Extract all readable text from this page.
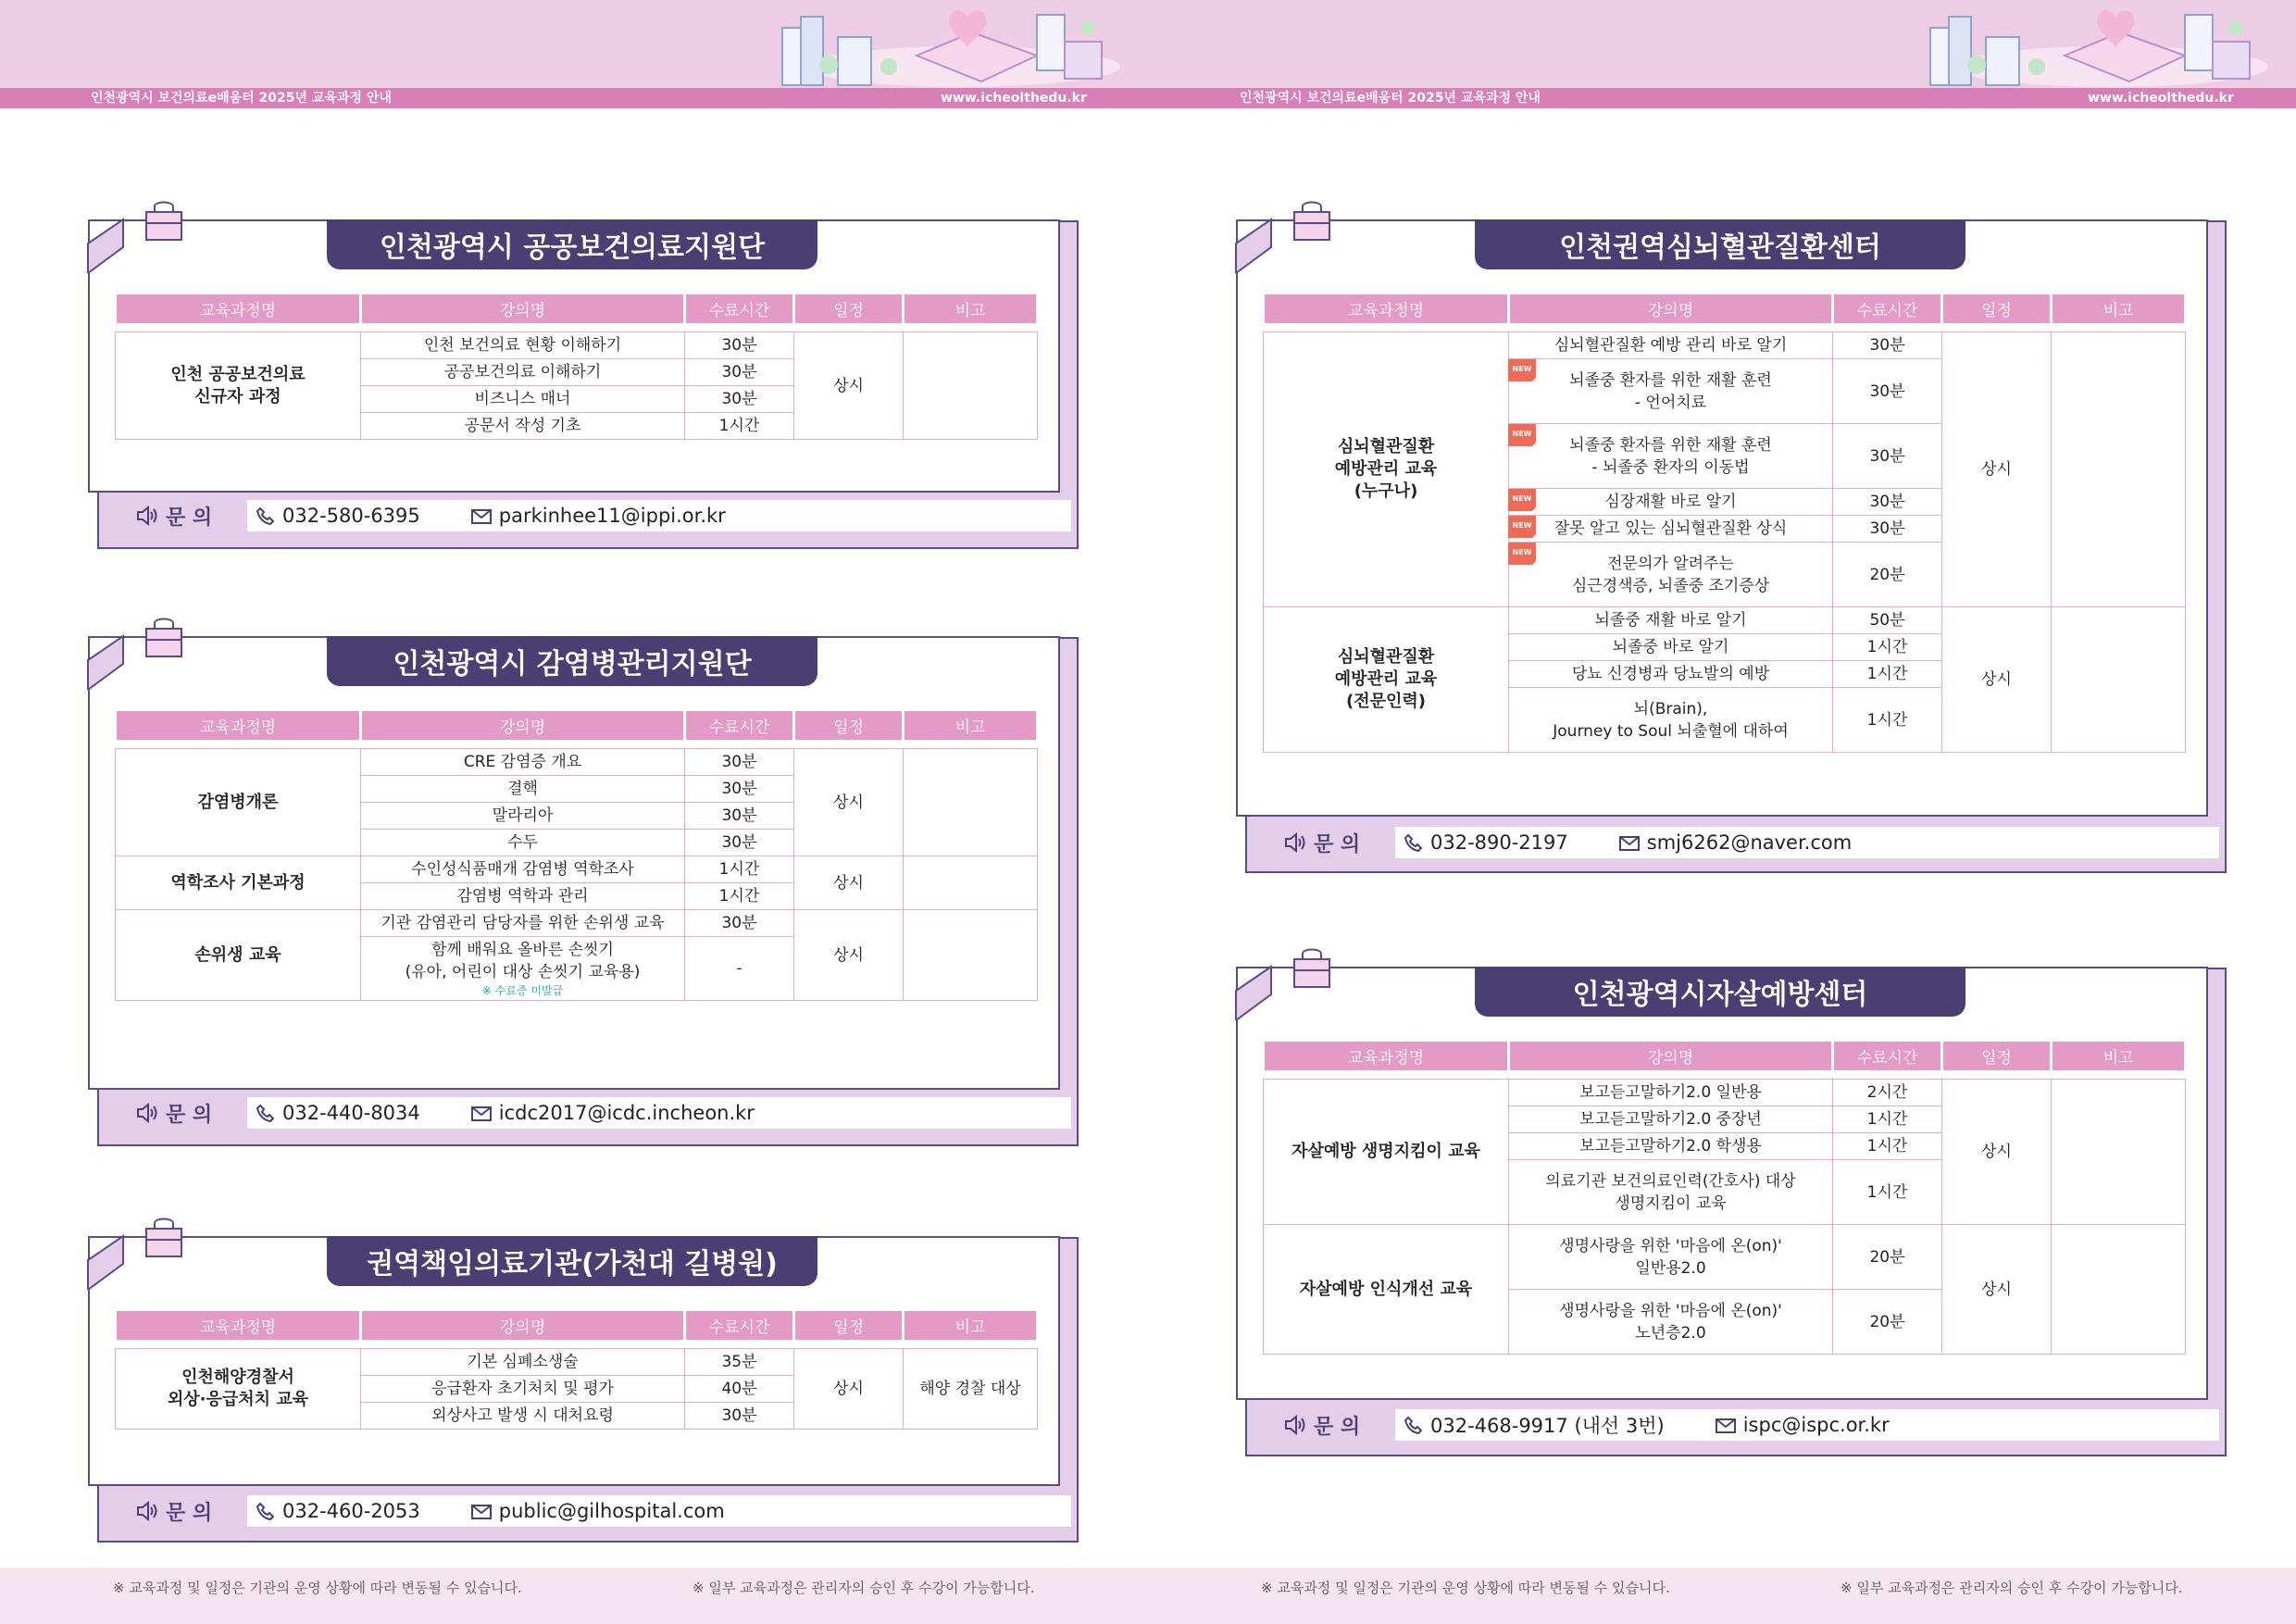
인천광역시 보건의료e배움터 2025년 교육과정 안내	www.icheolthedu.kr	인천광역시 보건의료e배움터 2025년 교육과정 안내	www.icheolthedu.kr
인천광역시 공공보건의료지원단
교육과정명	강의명	수료시간	일정	비고

인천 공공보건의료
신규자 과정	인천 보건의료 현황 이해하기	30분	상시	
	공공보건의료 이해하기	30분		
	비즈니스 매너	30분		
	공문서 작성 기초	1시간		
문 의	032-580-6395	parkinhee11@ippi.or.kr
인천광역시 감염병관리지원단
교육과정명	강의명	수료시간	일정	비고

감염병개론	CRE 감염증 개요	30분	상시	
	결핵	30분		
	말라리아	30분		
	수두	30분		
역학조사 기본과정	수인성식품매개 감염병 역학조사	1시간	상시	
	감염병 역학과 관리	1시간		
손위생 교육	기관 감염관리 담당자를 위한 손위생 교육	30분	상시	

	함께 배워요 올바른 손씻기
(유아, 어린이 대상 손씻기 교육용)
※ 수료증 미발급	-		
문 의	032-440-8034	icdc2017@icdc.incheon.kr
권역책임의료기관(가천대 길병원)
교육과정명	강의명	수료시간	일정	비고

인천해양경찰서
외상·응급처치 교육	기본 심폐소생술	35분	상시	해양 경찰 대상
	응급환자 초기처치 및 평가	40분		
	외상사고 발생 시 대처요령	30분		
문 의	032-460-2053	public@gilhospital.com
인천권역심뇌혈관질환센터
교육과정명	강의명	수료시간	일정	비고

심뇌혈관질환
예방관리 교육
(누구나)	심뇌혈관질환 예방 관리 바로 알기	30분	상시	

NEW
뇌졸중 환자를 위한 재활 훈련
- 언어치료	30분		

NEW
뇌졸중 환자를 위한 재활 훈련
- 뇌졸중 환자의 이동법	30분		

NEW 심장재활 바로 알기	30분		

NEW 잘못 알고 있는 심뇌혈관질환 상식	30분		

NEW
전문의가 알려주는
심근경색증, 뇌졸중 조기증상	20분		
심뇌혈관질환
예방관리 교육
(전문인력)	뇌졸중 재활 바로 알기	50분	상시	
	뇌졸중 바로 알기	1시간		
	당뇨 신경병과 당뇨발의 예방	1시간		
	뇌(Brain),
Journey to Soul 뇌출혈에 대하여	1시간		
문 의	032-890-2197	smj6262@naver.com
인천광역시자살예방센터
교육과정명	강의명	수료시간	일정	비고

자살예방 생명지킴이 교육	보고듣고말하기2.0 일반용	2시간	상시	
	보고듣고말하기2.0 중장년	1시간		
	보고듣고말하기2.0 학생용	1시간		
	의료기관 보건의료인력(간호사) 대상
생명지킴이 교육	1시간		
자살예방 인식개선 교육	생명사랑을 위한 '마음에 온(on)'
일반용2.0	20분	상시	
	생명사랑을 위한 '마음에 온(on)'
노년층2.0	20분		
문 의	032-468-9917 (내선 3번)	ispc@ispc.or.kr
※ 교육과정 및 일정은 기관의 운영 상황에 따라 변동될 수 있습니다.	※ 일부 교육과정은 관리자의 승인 후 수강이 가능합니다.	※ 교육과정 및 일정은 기관의 운영 상황에 따라 변동될 수 있습니다.	※ 일부 교육과정은 관리자의 승인 후 수강이 가능합니다.
